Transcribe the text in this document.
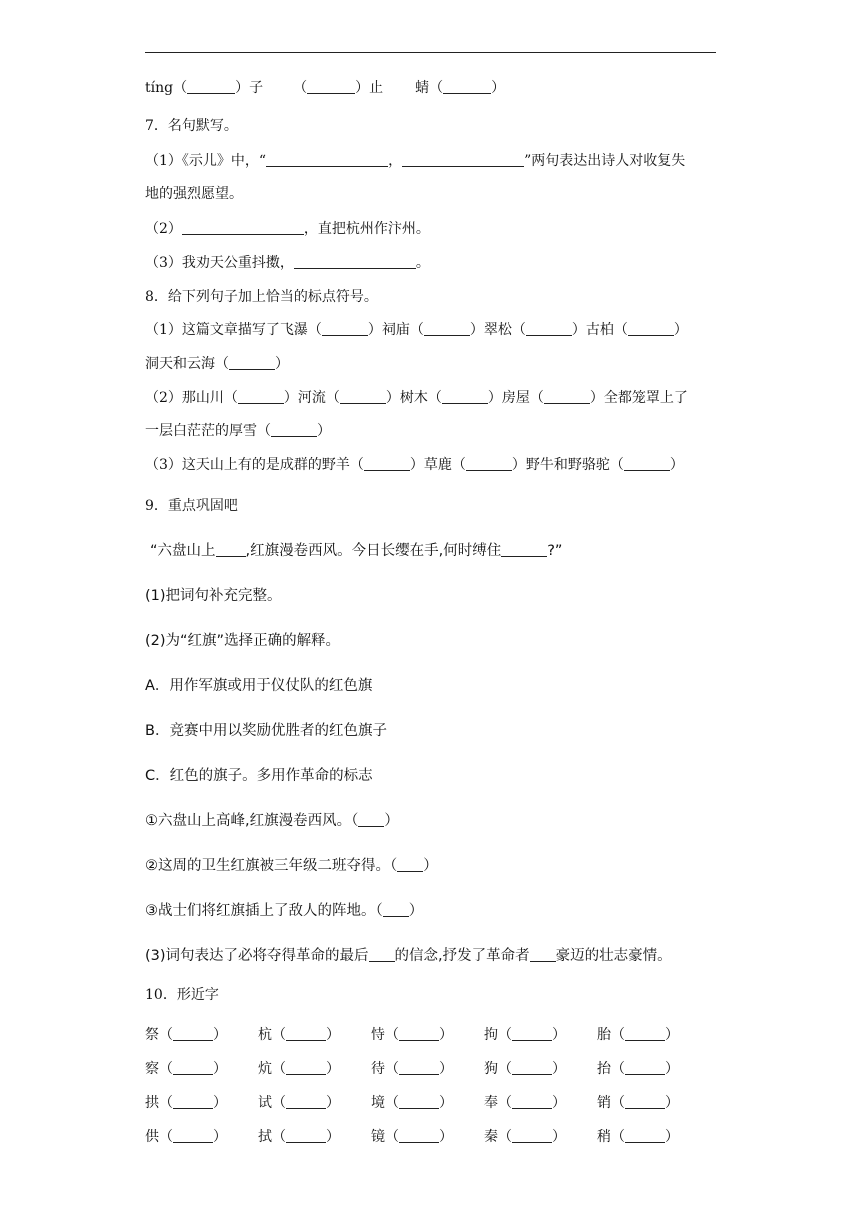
tíng（	）子 （	）止 蜻（	）
7．名句默写。
（1）《示儿》中，“	，	”两句表达出诗人对收复失
地的强烈愿望。
（2）	，直把杭州作汴州。
（3）我劝天公重抖擞，	。
8．给下列句子加上恰当的标点符号。
（1）这篇文章描写了飞瀑（	）祠庙（	）翠松（	）古柏（	）
洞天和云海（	）
（2）那山川（	）河流（	）树木（	）房屋（	）全都笼罩上了
一层白茫茫的厚雪（	）
（3）这天山上有的是成群的野羊（	）草鹿（	）野牛和野骆驼（	）
9．重点巩固吧
“六盘山上 ,红旗漫卷西风。今日长缨在手,何时缚住	?”
(1)把词句补充完整。
(2)为“红旗”选择正确的解释。
A．用作军旗或用于仪仗队的红色旗
B．竞赛中用以奖励优胜者的红色旗子
C．红色的旗子。多用作革命的标志
①六盘山上高峰,红旗漫卷西风。（ ）
②这周的卫生红旗被三年级二班夺得。（ ）
③战士们将红旗插上了敌人的阵地。（ ）
(3)词句表达了必将夺得革命的最后 的信念,抒发了革命者 豪迈的壮志豪情。
10．形近字
祭（	）	杭（	）	恃（	）	拘（	）	胎（	）
察（	）	炕（	）	待（	）	狗（	）	抬（	）
拱（	）	试（	）	境（	）	奉（	）	销（	）
供（	）	拭（	）	镜（	）	秦（	）	稍（	）
